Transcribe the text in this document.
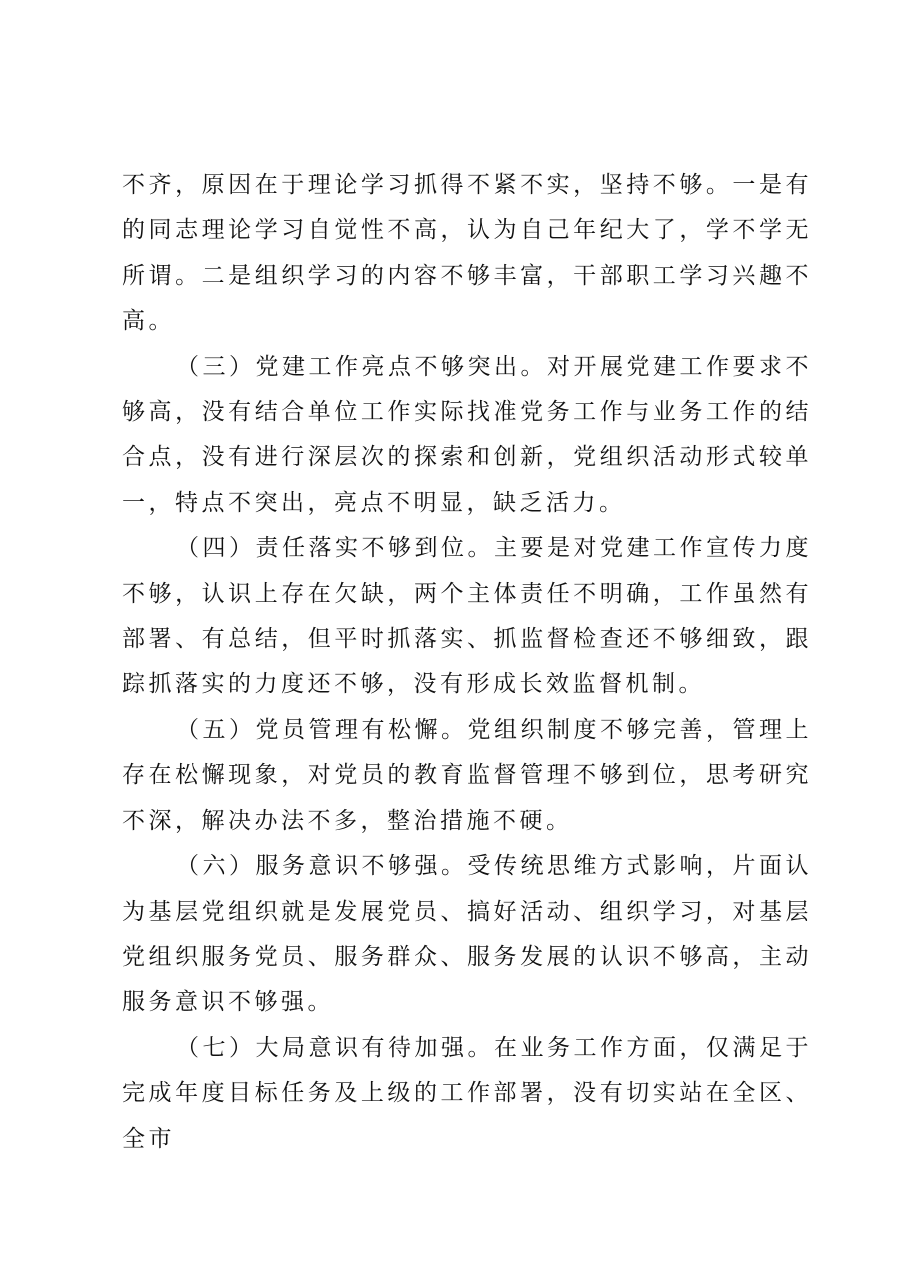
不齐，原因在于理论学习抓得不紧不实，坚持不够。一是有的同志理论学习自觉性不高，认为自己年纪大了，学不学无所谓。二是组织学习的内容不够丰富，干部职工学习兴趣不高。

（三）党建工作亮点不够突出。对开展党建工作要求不够高，没有结合单位工作实际找准党务工作与业务工作的结合点，没有进行深层次的探索和创新，党组织活动形式较单一，特点不突出，亮点不明显，缺乏活力。

（四）责任落实不够到位。主要是对党建工作宣传力度不够，认识上存在欠缺，两个主体责任不明确，工作虽然有部署、有总结，但平时抓落实、抓监督检查还不够细致，跟踪抓落实的力度还不够，没有形成长效监督机制。

（五）党员管理有松懈。党组织制度不够完善，管理上存在松懈现象，对党员的教育监督管理不够到位，思考研究不深，解决办法不多，整治措施不硬。

（六）服务意识不够强。受传统思维方式影响，片面认为基层党组织就是发展党员、搞好活动、组织学习，对基层党组织服务党员、服务群众、服务发展的认识不够高，主动服务意识不够强。

（七）大局意识有待加强。在业务工作方面，仅满足于完成年度目标任务及上级的工作部署，没有切实站在全区、全市
